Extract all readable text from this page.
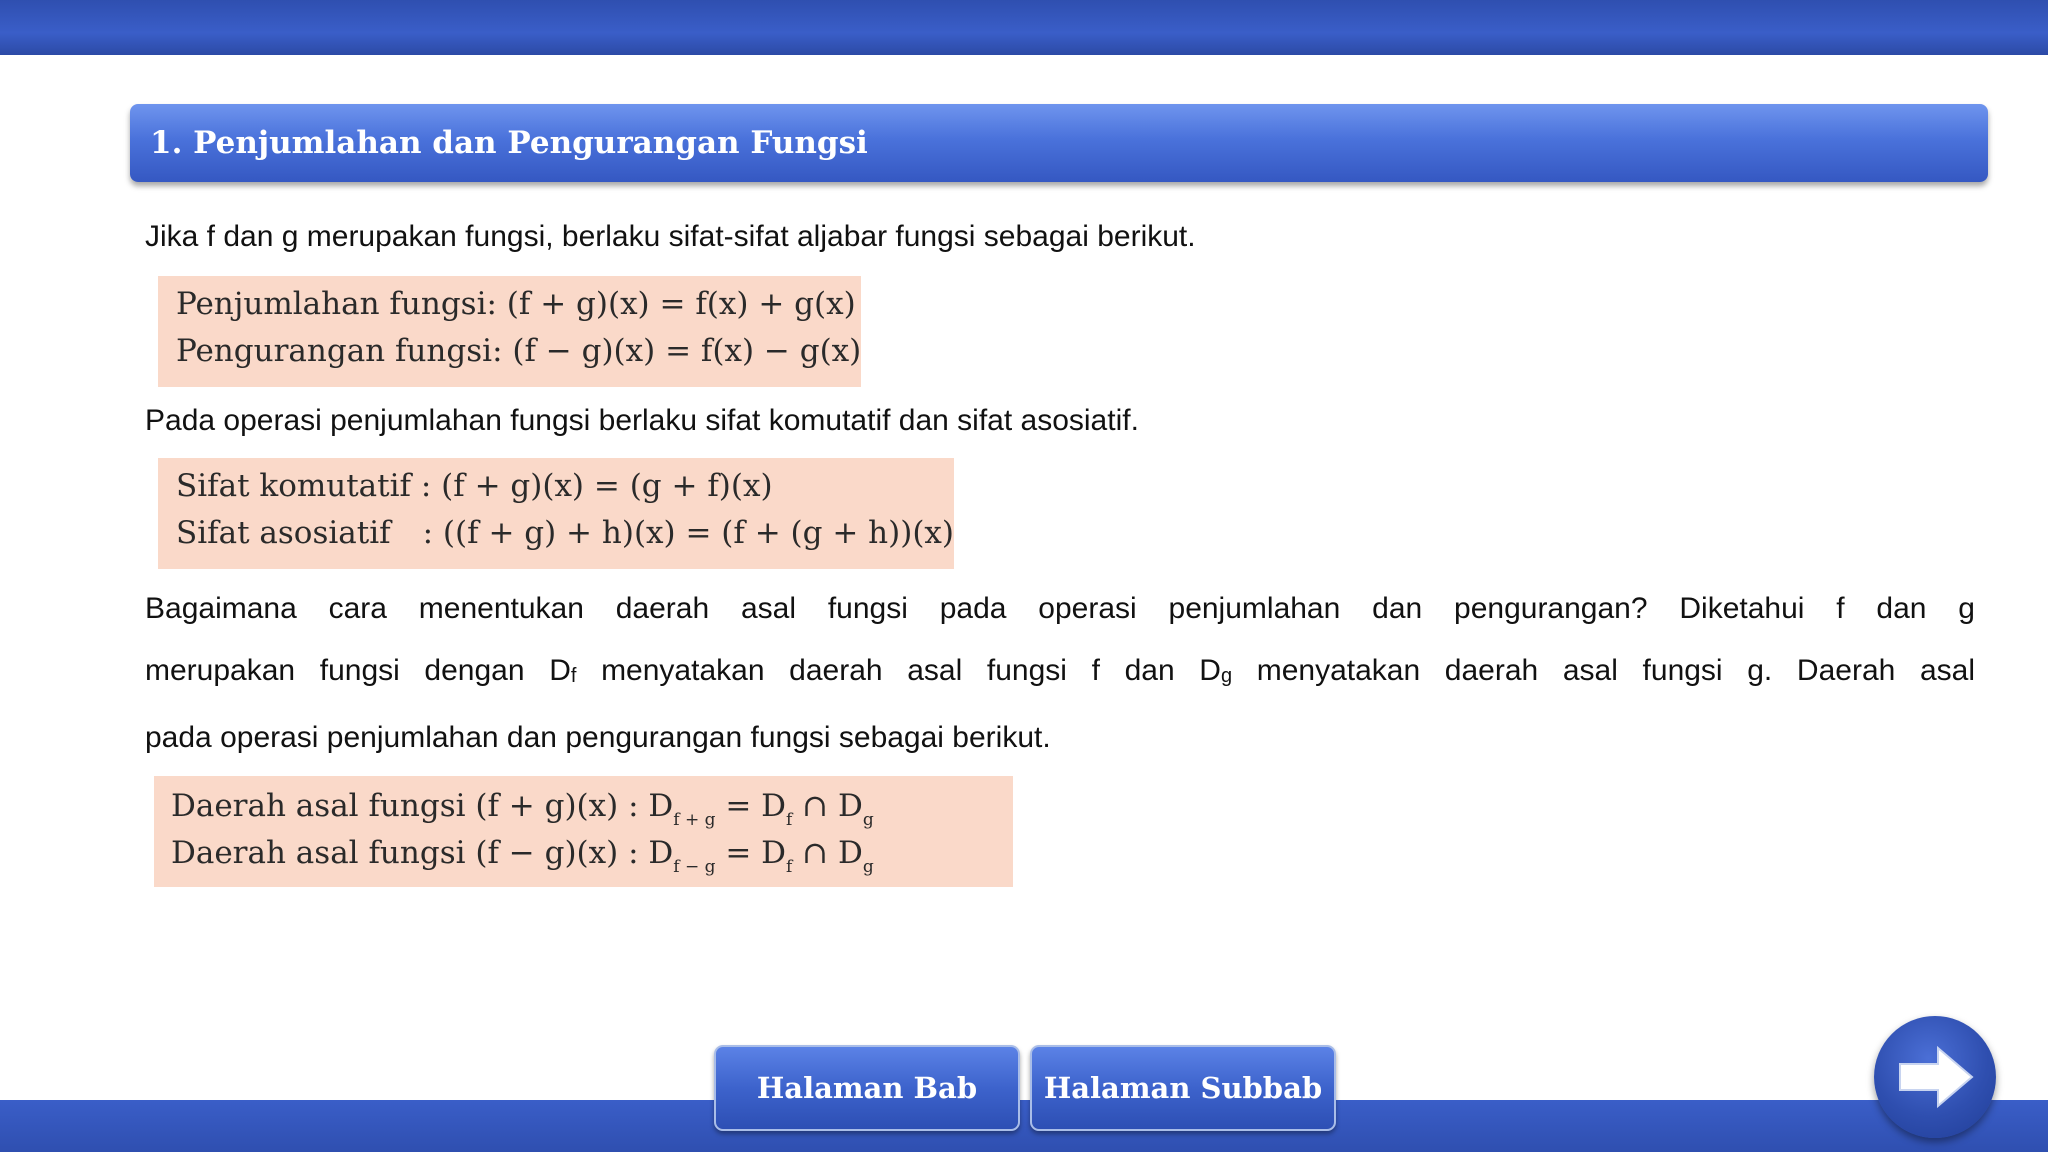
1. Penjumlahan dan Pengurangan Fungsi
Jika f dan g merupakan fungsi, berlaku sifat-sifat aljabar fungsi sebagai berikut.
Penjumlahan fungsi: (f + g)(x) = f(x) + g(x)
Pengurangan fungsi: (f − g)(x) = f(x) − g(x)
Pada operasi penjumlahan fungsi berlaku sifat komutatif dan sifat asosiatif.
Sifat komutatif : (f + g)(x) = (g + f)(x)
Sifat asosiatif : ((f + g) + h)(x) = (f + (g + h))(x)
Bagaimana cara menentukan daerah asal fungsi pada operasi penjumlahan dan pengurangan? Diketahui f dan g
merupakan fungsi dengan $D_f$ menyatakan daerah asal fungsi f dan $D_g$ menyatakan daerah asal fungsi g. Daerah asal
pada operasi penjumlahan dan pengurangan fungsi sebagai berikut.
Daerah asal fungsi (f + g)(x) : $D_{f + g} = D_f$ ∩ $D_g$
Daerah asal fungsi (f − g)(x) : $D_{f - g} = D_f$ ∩ $D_g$
Halaman Bab Halaman Subbab
